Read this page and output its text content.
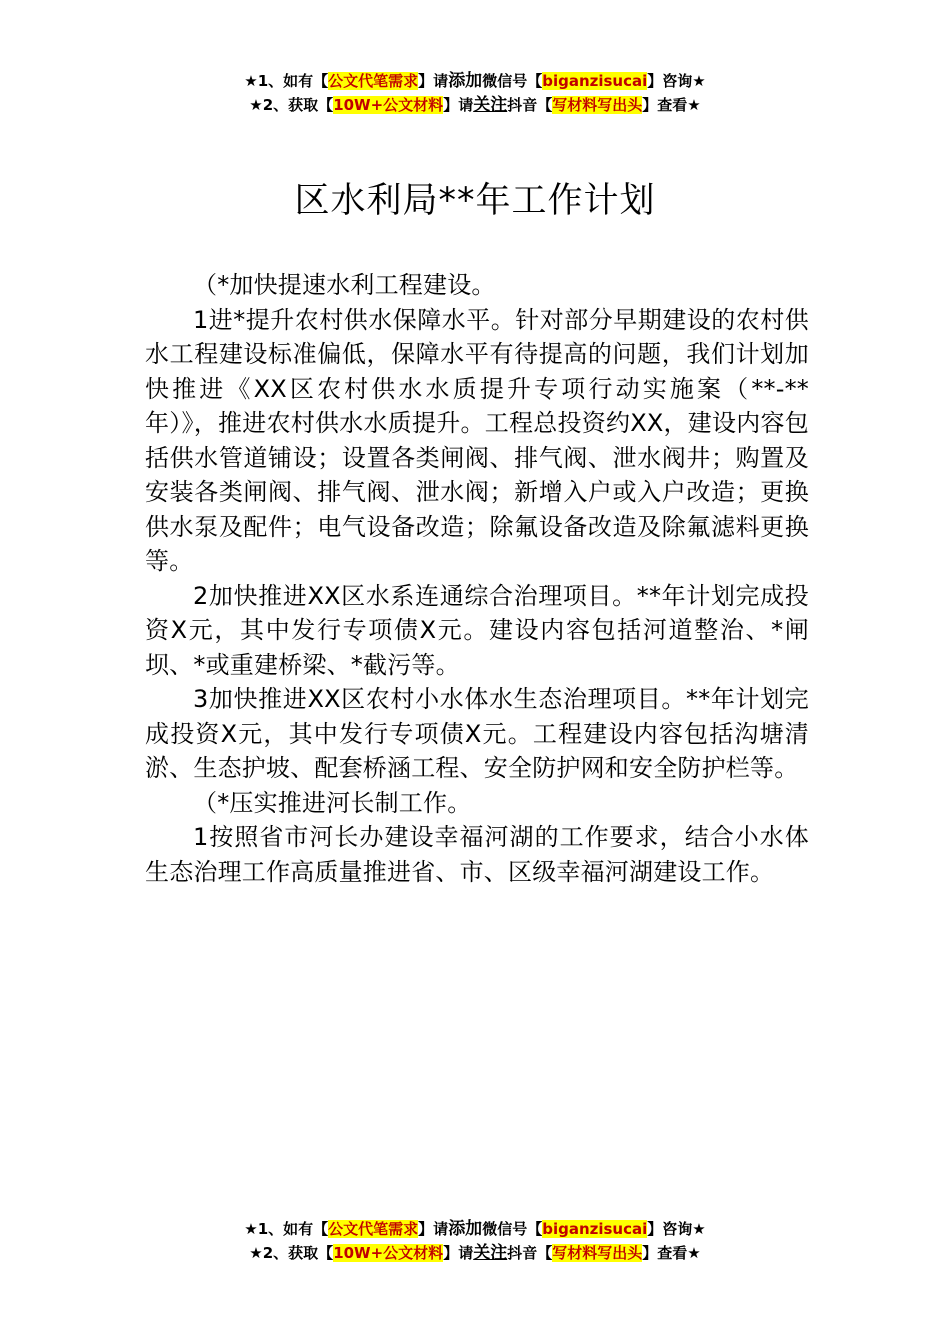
★1、如有【公文代笔需求】请添加微信号【biganzisucai】咨询★
★2、获取【10W+公文材料】请关注抖音【写材料写出头】查看★
区水利局**年工作计划

（*加快提速水利工程建设。

1进*提升农村供水保障水平。针对部分早期建设的农村供水工程建设标准偏低，保障水平有待提高的问题，我们计划加快推进《XX区农村供水水质提升专项行动实施案（**-**年）》，推进农村供水水质提升。工程总投资约XX，建设内容包括供水管道铺设；设置各类闸阀、排气阀、泄水阀井；购置及安装各类闸阀、排气阀、泄水阀；新增入户或入户改造；更换供水泵及配件；电气设备改造；除氟设备改造及除氟滤料更换等。

2加快推进XX区水系连通综合治理项目。**年计划完成投资X元，其中发行专项债X元。建设内容包括河道整治、*闸坝、*或重建桥梁、*截污等。

3加快推进XX区农村小水体水生态治理项目。**年计划完成投资X元，其中发行专项债X元。工程建设内容包括沟塘清淤、生态护坡、配套桥涵工程、安全防护网和安全防护栏等。

（*压实推进河长制工作。

1按照省市河长办建设幸福河湖的工作要求，结合小水体生态治理工作高质量推进省、市、区级幸福河湖建设工作。

★1、如有【公文代笔需求】请添加微信号【biganzisucai】咨询★
★2、获取【10W+公文材料】请关注抖音【写材料写出头】查看★
